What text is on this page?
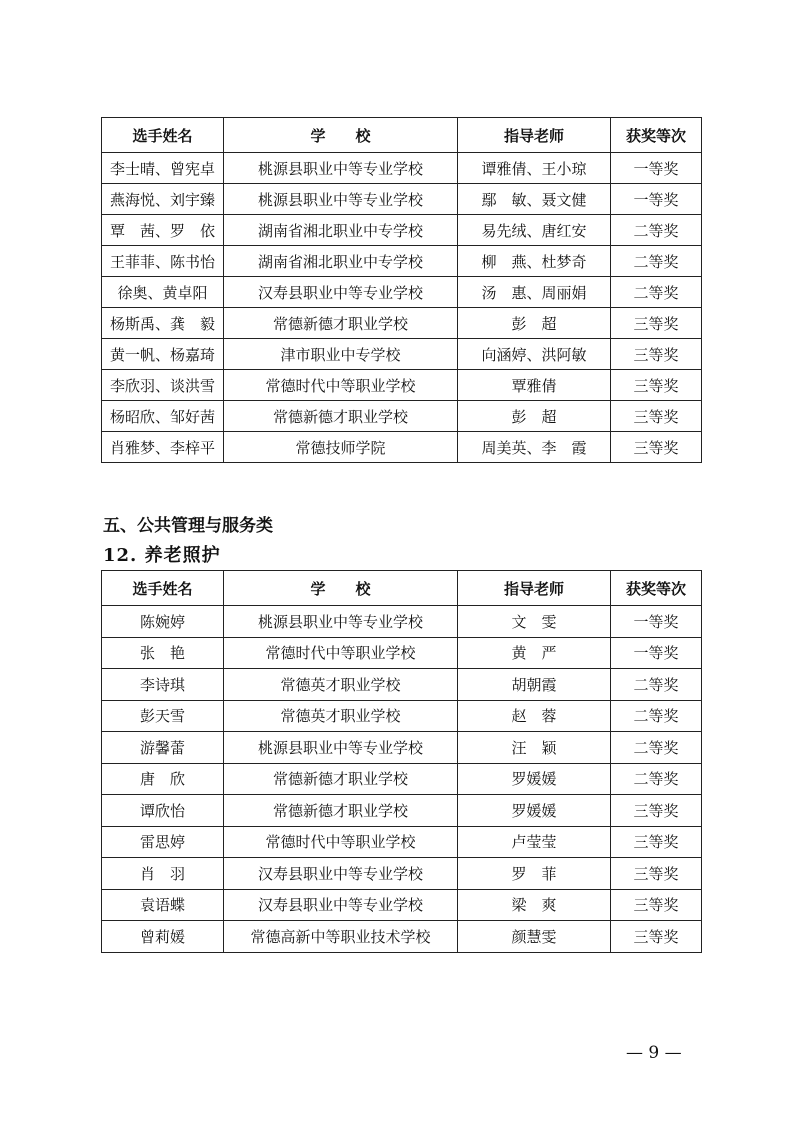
选手姓名	学　　校	指导老师	获奖等次
李士晴、曾宪卓	桃源县职业中等专业学校	谭雅倩、王小琼	一等奖
燕海悦、刘宇臻	桃源县职业中等专业学校	鄢　敏、聂文健	一等奖
覃　茜、罗　依	湖南省湘北职业中专学校	易先绒、唐红安	二等奖
王菲菲、陈书怡	湖南省湘北职业中专学校	柳　燕、杜梦奇	二等奖
徐奥、黄卓阳	汉寿县职业中等专业学校	汤　惠、周丽娟	二等奖
杨斯禹、龚　毅	常德新德才职业学校	彭　超	三等奖
黄一帆、杨嘉琦	津市职业中专学校	向涵婷、洪阿敏	三等奖
李欣羽、谈洪雪	常德时代中等职业学校	覃雅倩	三等奖
杨昭欣、邹好茜	常德新德才职业学校	彭　超	三等奖
肖雅梦、李梓平	常德技师学院	周美英、李　霞	三等奖
五、公共管理与服务类
12. 养老照护
选手姓名	学　　校	指导老师	获奖等次
陈婉婷	桃源县职业中等专业学校	文　雯	一等奖
张　艳	常德时代中等职业学校	黄　严	一等奖
李诗琪	常德英才职业学校	胡朝霞	二等奖
彭天雪	常德英才职业学校	赵　蓉	二等奖
游馨蕾	桃源县职业中等专业学校	汪　颖	二等奖
唐　欣	常德新德才职业学校	罗媛媛	二等奖
谭欣怡	常德新德才职业学校	罗媛媛	三等奖
雷思婷	常德时代中等职业学校	卢莹莹	三等奖
肖　羽	汉寿县职业中等专业学校	罗　菲	三等奖
袁语蝶	汉寿县职业中等专业学校	梁　爽	三等奖
曾莉媛	常德高新中等职业技术学校	颜慧雯	三等奖
— 9 —
